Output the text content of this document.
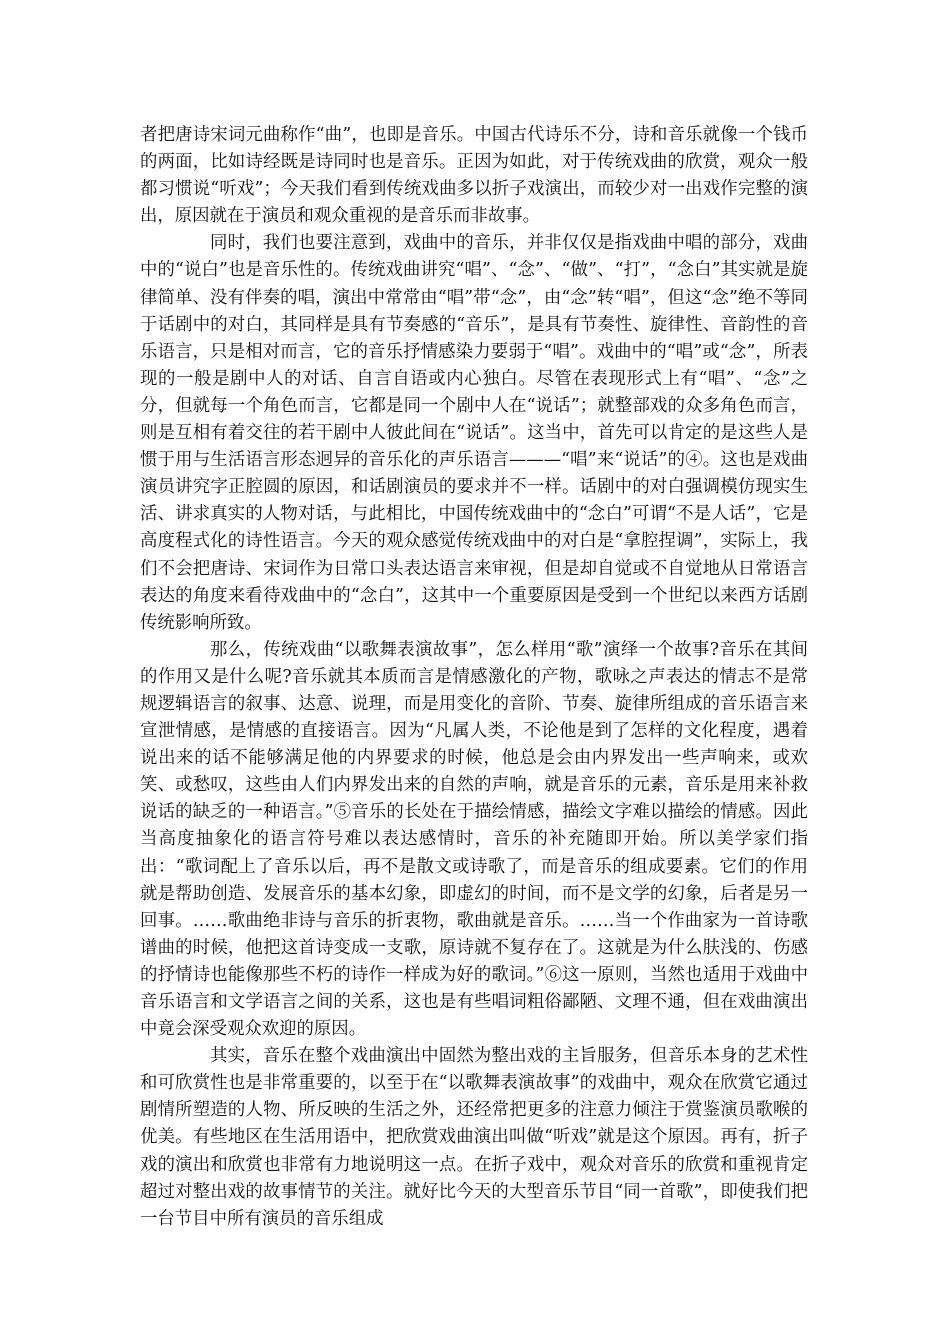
者把唐诗宋词元曲称作“曲”，也即是音乐。中国古代诗乐不分，诗和音乐就像一个钱币的两面，比如诗经既是诗同时也是音乐。正因为如此，对于传统戏曲的欣赏，观众一般都习惯说“听戏”；今天我们看到传统戏曲多以折子戏演出，而较少对一出戏作完整的演出，原因就在于演员和观众重视的是音乐而非故事。

同时，我们也要注意到，戏曲中的音乐，并非仅仅是指戏曲中唱的部分，戏曲中的“说白”也是音乐性的。传统戏曲讲究“唱”、“念”、“做”、“打”，“念白”其实就是旋律简单、没有伴奏的唱，演出中常常由“唱”带“念”，由“念”转“唱”，但这“念”绝不等同于话剧中的对白，其同样是具有节奏感的“音乐”，是具有节奏性、旋律性、音韵性的音乐语言，只是相对而言，它的音乐抒情感染力要弱于“唱”。戏曲中的“唱”或“念”，所表现的一般是剧中人的对话、自言自语或内心独白。尽管在表现形式上有“唱”、“念”之分，但就每一个角色而言，它都是同一个剧中人在“说话”；就整部戏的众多角色而言，则是互相有着交往的若干剧中人彼此间在“说话”。这当中，首先可以肯定的是这些人是惯于用与生活语言形态迥异的音乐化的声乐语言———“唱”来“说话”的④。这也是戏曲演员讲究字正腔圆的原因，和话剧演员的要求并不一样。话剧中的对白强调模仿现实生活、讲求真实的人物对话，与此相比，中国传统戏曲中的“念白”可谓“不是人话”，它是高度程式化的诗性语言。今天的观众感觉传统戏曲中的对白是“拿腔捏调”，实际上，我们不会把唐诗、宋词作为日常口头表达语言来审视，但是却自觉或不自觉地从日常语言表达的角度来看待戏曲中的“念白”，这其中一个重要原因是受到一个世纪以来西方话剧传统影响所致。

那么，传统戏曲“以歌舞表演故事”，怎么样用“歌”演绎一个故事?音乐在其间的作用又是什么呢?音乐就其本质而言是情感激化的产物，歌咏之声表达的情志不是常规逻辑语言的叙事、达意、说理，而是用变化的音阶、节奏、旋律所组成的音乐语言来宣泄情感，是情感的直接语言。因为“凡属人类，不论他是到了怎样的文化程度，遇着说出来的话不能够满足他的内界要求的时候，他总是会由内界发出一些声响来，或欢笑、或愁叹，这些由人们内界发出来的自然的声响，就是音乐的元素，音乐是用来补救说话的缺乏的一种语言。”⑤音乐的长处在于描绘情感，描绘文字难以描绘的情感。因此当高度抽象化的语言符号难以表达感情时，音乐的补充随即开始。所以美学家们指出：“歌词配上了音乐以后，再不是散文或诗歌了，而是音乐的组成要素。它们的作用就是帮助创造、发展音乐的基本幻象，即虚幻的时间，而不是文学的幻象，后者是另一回事。……歌曲绝非诗与音乐的折衷物，歌曲就是音乐。……当一个作曲家为一首诗歌谱曲的时候，他把这首诗变成一支歌，原诗就不复存在了。这就是为什么肤浅的、伤感的抒情诗也能像那些不朽的诗作一样成为好的歌词。”⑥这一原则，当然也适用于戏曲中音乐语言和文学语言之间的关系，这也是有些唱词粗俗鄙陋、文理不通，但在戏曲演出中竟会深受观众欢迎的原因。

其实，音乐在整个戏曲演出中固然为整出戏的主旨服务，但音乐本身的艺术性和可欣赏性也是非常重要的，以至于在“以歌舞表演故事”的戏曲中，观众在欣赏它通过剧情所塑造的人物、所反映的生活之外，还经常把更多的注意力倾注于赏鉴演员歌喉的优美。有些地区在生活用语中，把欣赏戏曲演出叫做“听戏”就是这个原因。再有，折子戏的演出和欣赏也非常有力地说明这一点。在折子戏中，观众对音乐的欣赏和重视肯定超过对整出戏的故事情节的关注。就好比今天的大型音乐节目“同一首歌”，即使我们把一台节目中所有演员的音乐组成
